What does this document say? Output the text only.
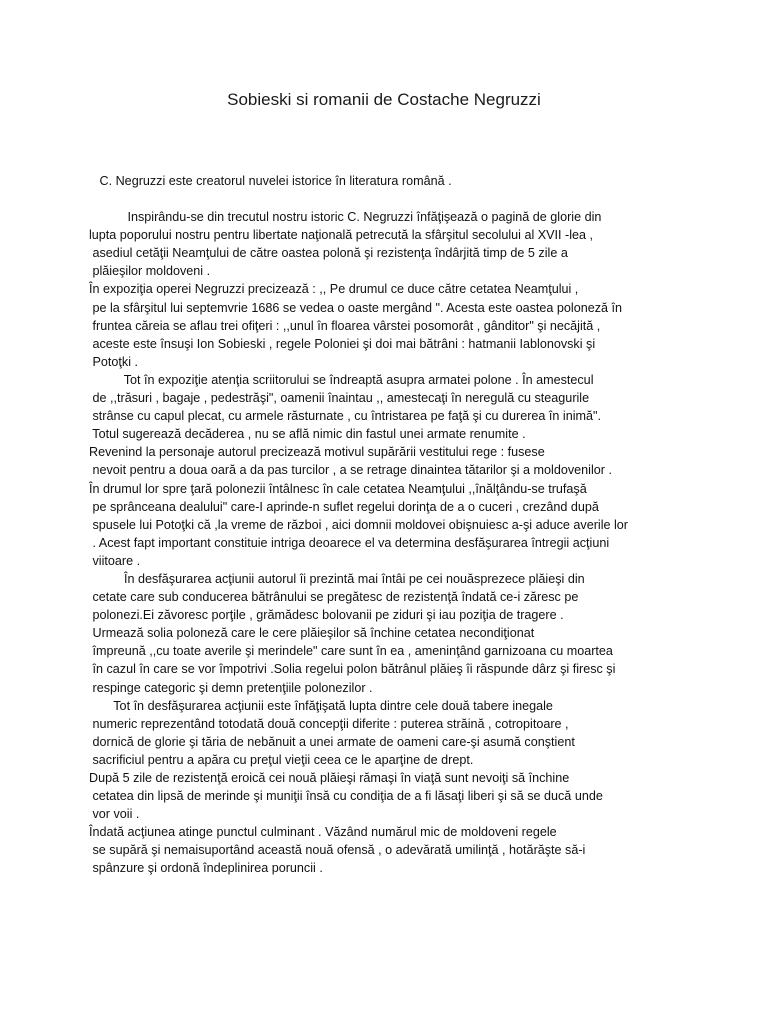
Sobieski si romanii de Costache Negruzzi
C. Negruzzi este creatorul nuvelei istorice în literatura română .
Inspirându-se din trecutul nostru istoric C. Negruzzi înfăţişează o pagină de glorie din
lupta poporului nostru pentru libertate naţională petrecută la sfârşitul secolului al XVII -lea ,
asediul cetăţii Neamţului de către oastea polonă şi rezistenţa îndârjită timp de 5 zile a
plăieşilor moldoveni .
În expoziţia operei Negruzzi precizează : ,, Pe drumul ce duce către cetatea Neamţului ,
pe la sfârşitul lui septemvrie 1686 se vedea o oaste mergând ". Acesta este oastea poloneză în
fruntea căreia se aflau trei ofiţeri : ,,unul în floarea vârstei posomorât , gânditor" şi necăjită ,
aceste este însuşi Ion Sobieski , regele Poloniei şi doi mai bătrâni : hatmanii Iablonovski şi
Potoţki .
Tot în expoziţie atenţia scriitorului se îndreaptă asupra armatei polone . În amestecul
de ,,trăsuri , bagaje , pedestrăşi", oamenii înaintau ,, amestecaţi în neregulă cu steagurile
strânse cu capul plecat, cu armele răsturnate , cu întristarea pe faţă şi cu durerea în inimă".
Totul sugerează decăderea , nu se află nimic din fastul unei armate renumite .
Revenind la personaje autorul precizează motivul supărării vestitului rege : fusese
nevoit pentru a doua oară a da pas turcilor , a se retrage dinaintea tătarilor şi a moldovenilor .
În drumul lor spre ţară polonezii întâlnesc în cale cetatea Neamţului ,,înălţându-se trufaşă
pe sprânceana dealului" care-I aprinde-n suflet regelui dorinţa de a o cuceri , crezând după
spusele lui Potoţki că ,la vreme de război , aici domnii moldovei obişnuiesc a-şi aduce averile lor
. Acest fapt important constituie intriga deoarece el va determina desfăşurarea întregii acţiuni
viitoare .
În desfăşurarea acţiunii autorul îi prezintă mai întâi pe cei nouăsprezece plăieşi din
cetate care sub conducerea bătrânului se pregătesc de rezistenţă îndată ce-i zăresc pe
polonezi.Ei zăvoresc porţile , grămădesc bolovanii pe ziduri şi iau poziţia de tragere .
Urmează solia poloneză care le cere plăieşilor să închine cetatea necondiţionat
împreună ,,cu toate averile şi merindele" care sunt în ea , ameninţând garnizoana cu moartea
în cazul în care se vor împotrivi .Solia regelui polon bătrânul plăieş îi răspunde dârz şi firesc şi
respinge categoric şi demn pretenţiile polonezilor .
Tot în desfăşurarea acţiunii este înfăţişată lupta dintre cele două tabere inegale
numeric reprezentând totodată două concepţii diferite : puterea străină , cotropitoare ,
dornică de glorie şi tăria de nebănuit a unei armate de oameni care-şi asumă conştient
sacrificiul pentru a apăra cu preţul vieţii ceea ce le aparţine de drept.
După 5 zile de rezistenţă eroică cei nouă plăieşi rămaşi în viaţă sunt nevoiţi să închine
cetatea din lipsă de merinde şi muniţii însă cu condiţia de a fi lăsaţi liberi şi să se ducă unde
vor voii .
Îndată acţiunea atinge punctul culminant . Văzând numărul mic de moldoveni regele
se supără şi nemaisuportând această nouă ofensă , o adevărată umilinţă , hotărăşte să-i
spânzure şi ordonă îndeplinirea poruncii .
